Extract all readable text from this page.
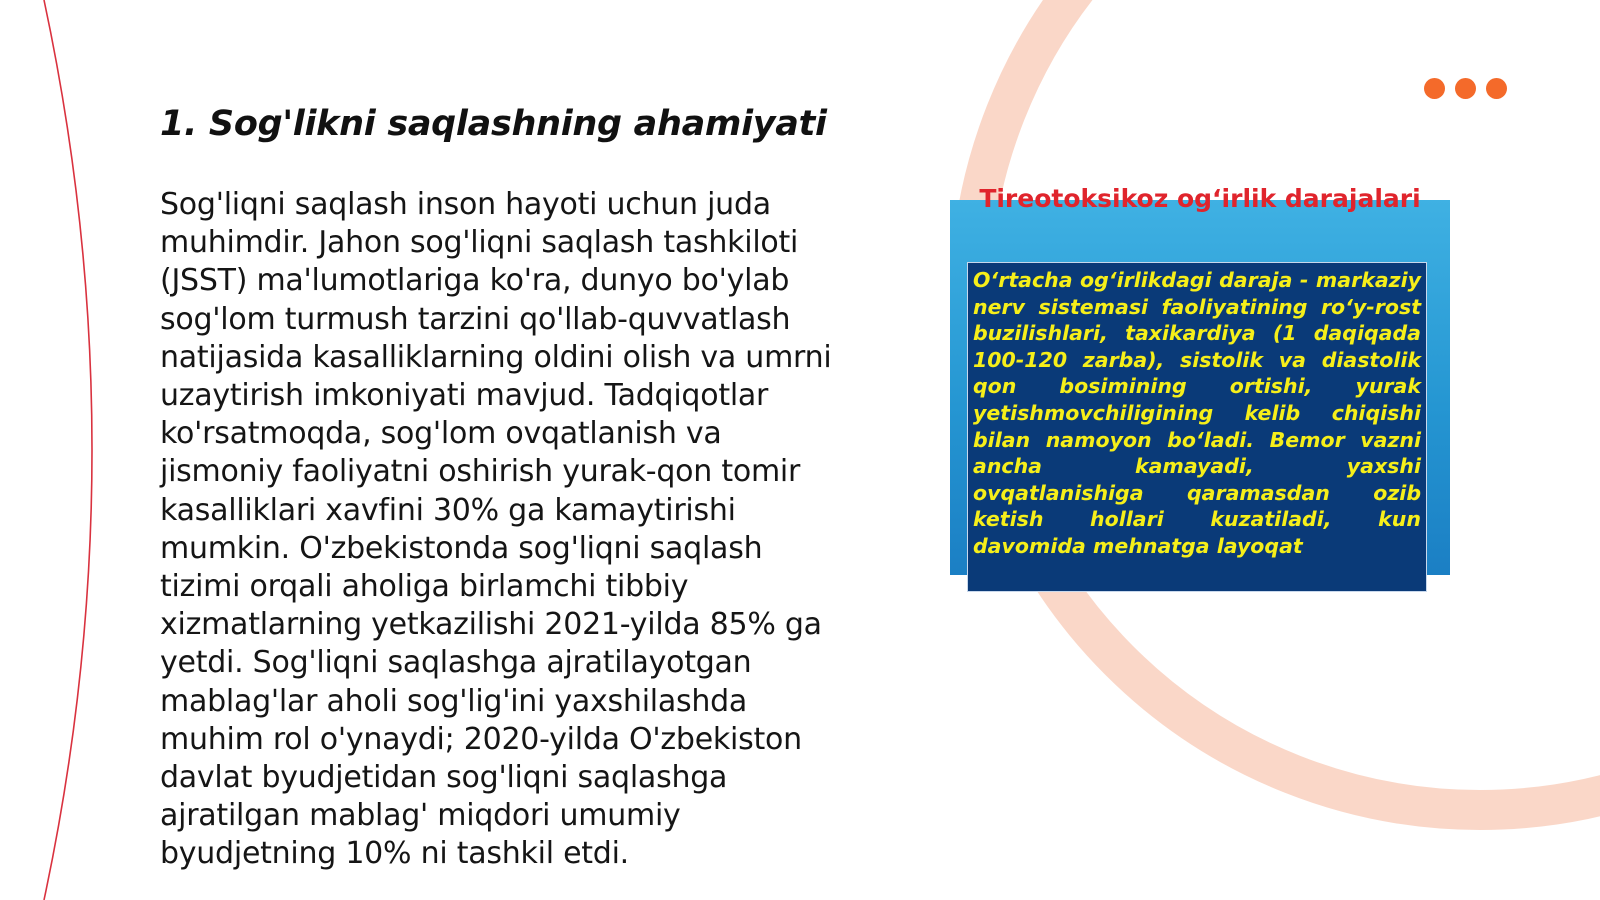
1. Sog'likni saqlashning ahamiyati

Sog'liqni saqlash inson hayoti uchun juda muhimdir. Jahon sog'liqni saqlash tashkiloti (JSST) ma'lumotlariga ko'ra, dunyo bo'ylab sog'lom turmush tarzini qo'llab-quvvatlash natijasida kasalliklarning oldini olish va umrni uzaytirish imkoniyati mavjud. Tadqiqotlar ko'rsatmoqda, sog'lom ovqatlanish va jismoniy faoliyatni oshirish yurak-qon tomir kasalliklari xavfini 30% ga kamaytirishi mumkin. O'zbekistonda sog'liqni saqlash tizimi orqali aholiga birlamchi tibbiy xizmatlarning yetkazilishi 2021-yilda 85% ga yetdi. Sog'liqni saqlashga ajratilayotgan mablag'lar aholi sog'lig'ini yaxshilashda muhim rol o'ynaydi; 2020-yilda O'zbekiston davlat byudjetidan sog'liqni saqlashga ajratilgan mablag' miqdori umumiy byudjetning 10% ni tashkil etdi.

Tireotoksikoz og‘irlik darajalari

O‘rtacha og‘irlikdagi daraja - markaziy nerv sistemasi faoliyatining ro‘y-rost buzilishlari, taxikardiya (1 daqiqada 100-120 zarba), sistolik va diastolik qon bosimining ortishi, yurak yetishmovchiligining kelib chiqishi bilan namoyon bo‘ladi. Bemor vazni ancha kamayadi, yaxshi ovqatlanishiga qaramasdan ozib ketish hollari kuzatiladi, kun davomida mehnatga layoqat
